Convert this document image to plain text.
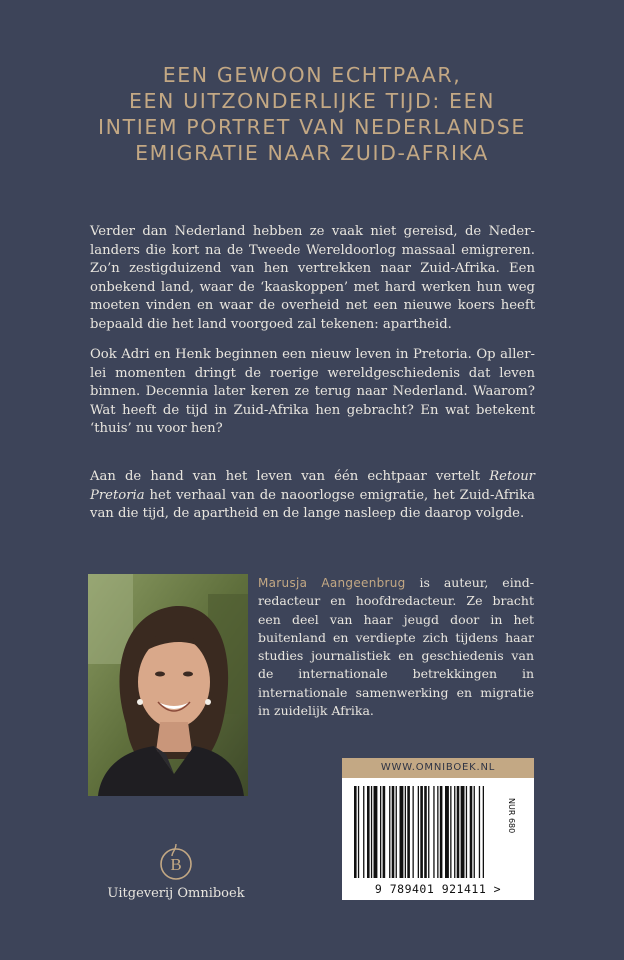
EEN GEWOON ECHTPAAR,
EEN UITZONDERLIJKE TIJD: EEN
INTIEM PORTRET VAN NEDERLANDSE
EMIGRATIE NAAR ZUID-AFRIKA

Verder dan Nederland hebben ze vaak niet gereisd, de Nederlanders die kort na de Tweede Wereldoorlog massaal emigreren. Zo’n zestigduizend van hen vertrekken naar Zuid-Afrika. Een onbekend land, waar de ‘kaaskoppen’ met hard werken hun weg moeten vinden en waar de overheid net een nieuwe koers heeft bepaald die het land voorgoed zal tekenen: apartheid.

Ook Adri en Henk beginnen een nieuw leven in Pretoria. Op allerlei momenten dringt de roerige wereldgeschiedenis dat leven binnen. Decennia later keren ze terug naar Nederland. Waarom? Wat heeft de tijd in Zuid-Afrika hen gebracht? En wat betekent ‘thuis’ nu voor hen?

Aan de hand van het leven van één echtpaar vertelt Retour Pretoria het verhaal van de naoorlogse emigratie, het Zuid-Afrika van die tijd, de apartheid en de lange nasleep die daarop volgde.

Marusja Aangeenbrug is auteur, eindredacteur en hoofdredacteur. Ze bracht een deel van haar jeugd door in het buitenland en verdiepte zich tijdens haar studies journalistiek en geschiedenis van de internationale betrekkingen in internationale samenwerking en migratie in zuidelijk Afrika.

WWW.OMNIBOEK.NL
NUR 680
9 789401 921411 >
B
Uitgeverij Omniboek
